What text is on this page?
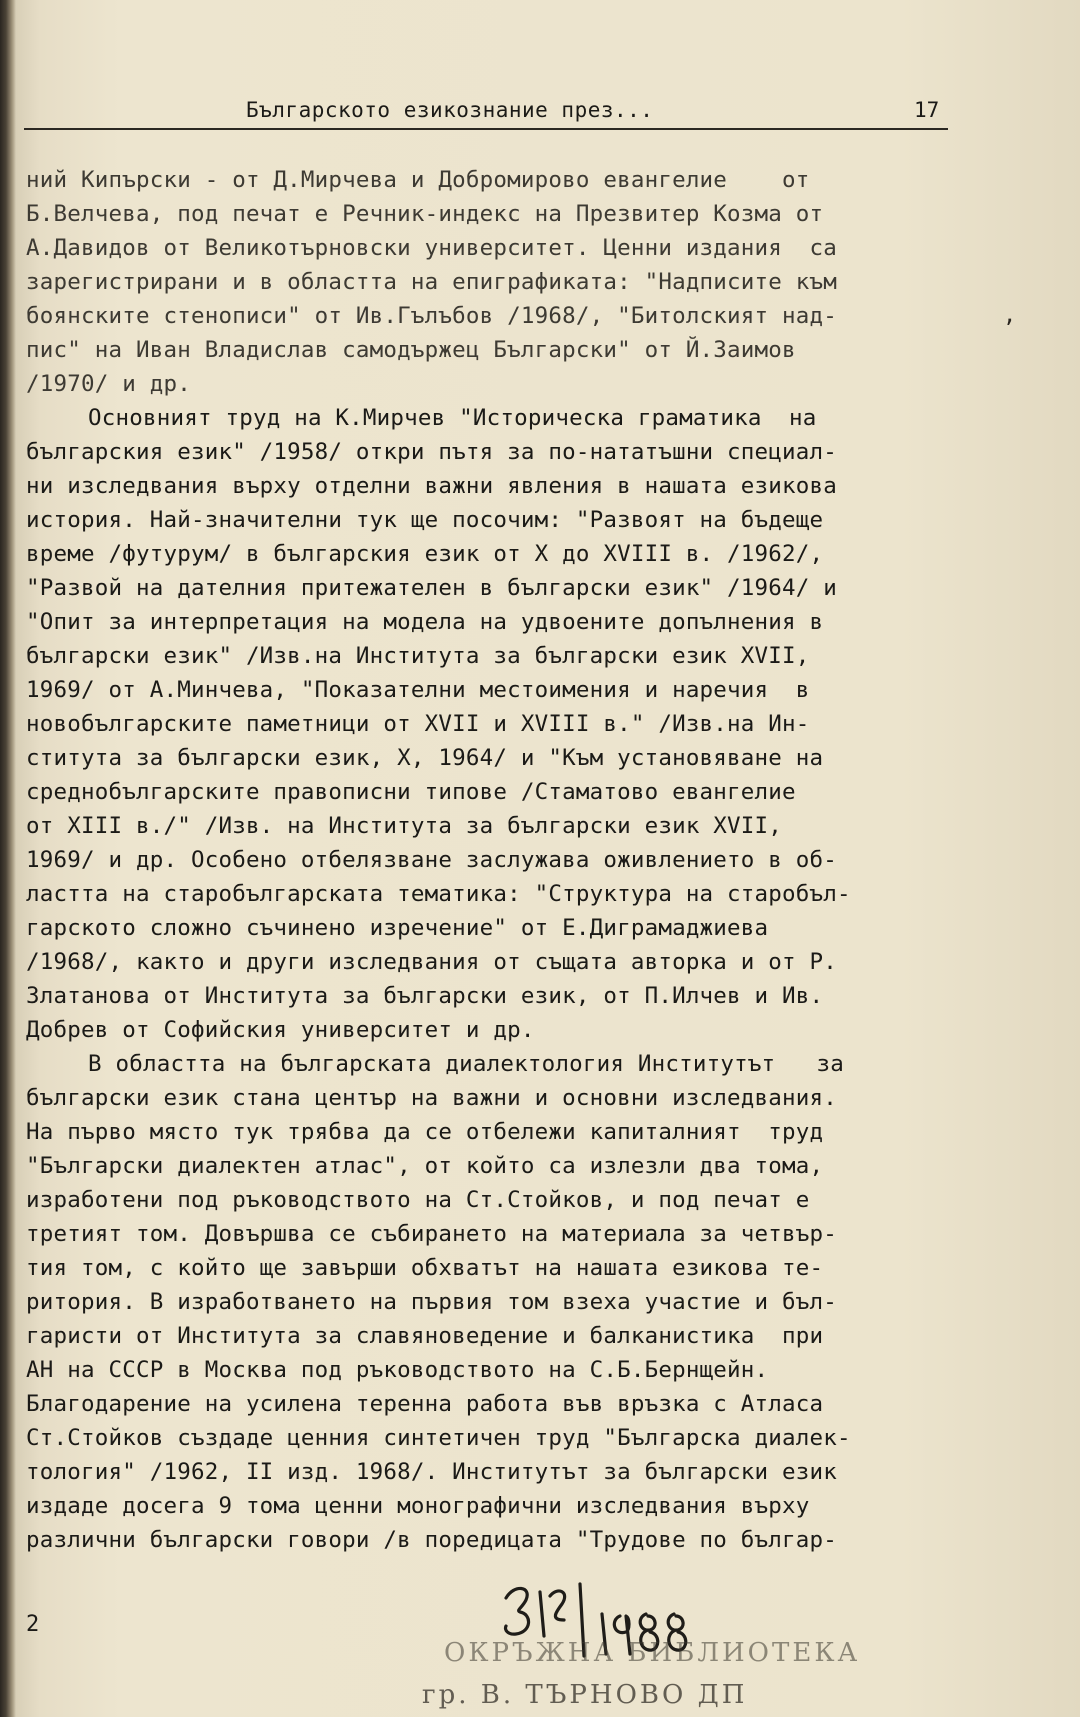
Българското езикознание през...	17
ний Кипърски - от Д.Мирчева и Добромирово евангелие    от
Б.Велчева, под печат е Речник-индекс на Презвитер Козма от
А.Давидов от Великотърновски университет. Ценни издания  са
зарегистрирани и в областта на епиграфиката: "Надписите към
боянските стенописи" от Ив.Гълъбов /1968/, "Битолският над-
пис" на Иван Владислав самодържец Български" от Й.Заимов
/1970/ и др.
Основният труд на К.Мирчев "Историческа граматика  на
българския език" /1958/ откри пътя за по-нататъшни специал-
ни изследвания върху отделни важни явления в нашата езикова
история. Най-значителни тук ще посочим: "Развоят на бъдеще
време /футурум/ в българския език от X до XVIII в. /1962/,
"Развой на дателния притежателен в български език" /1964/ и
"Опит за интерпретация на модела на удвоените допълнения в
български език" /Изв.на Института за български език XVII,
1969/ от А.Минчева, "Показателни местоимения и наречия  в
новобългарските паметници от XVII и XVIII в." /Изв.на Ин-
ститута за български език, X, 1964/ и "Към установяване на
среднобългарските правописни типове /Стаматово евангелие
от XIII в./" /Изв. на Института за български език XVII,
1969/ и др. Особено отбелязване заслужава оживлението в об-
ластта на старобългарската тематика: "Структура на старобъл-
гарското сложно съчинено изречение" от Е.Диграмаджиева
/1968/, както и други изследвания от същата авторка и от Р.
Златанова от Института за български език, от П.Илчев и Ив.
Добрев от Софийския университет и др.
В областта на българската диалектология Институтът   за
български език стана център на важни и основни изследвания.
На първо място тук трябва да се отбележи капиталният  труд
"Български диалектен атлас", от който са излезли два тома,
изработени под ръководството на Ст.Стойков, и под печат е
третият том. Довършва се събирането на материала за четвър-
тия том, с който ще завърши обхватът на нашата езикова те-
ритория. В изработването на първия том взеха участие и бъл-
гаристи от Института за славяноведение и балканистика  при
АН на СССР в Москва под ръководството на С.Б.Бернщейн.
Благодарение на усилена теренна работа във връзка с Атласа
Ст.Стойков създаде ценния синтетичен труд "Българска диалек-
тология" /1962, II изд. 1968/. Институтът за български език
издаде досега 9 тома ценни монографични изследвания върху
различни български говори /в поредицата "Трудове по българ-
,
2
ОКРЪЖНА БИБЛИОТЕКА
гр. В. ТЪРНОВО ДП
